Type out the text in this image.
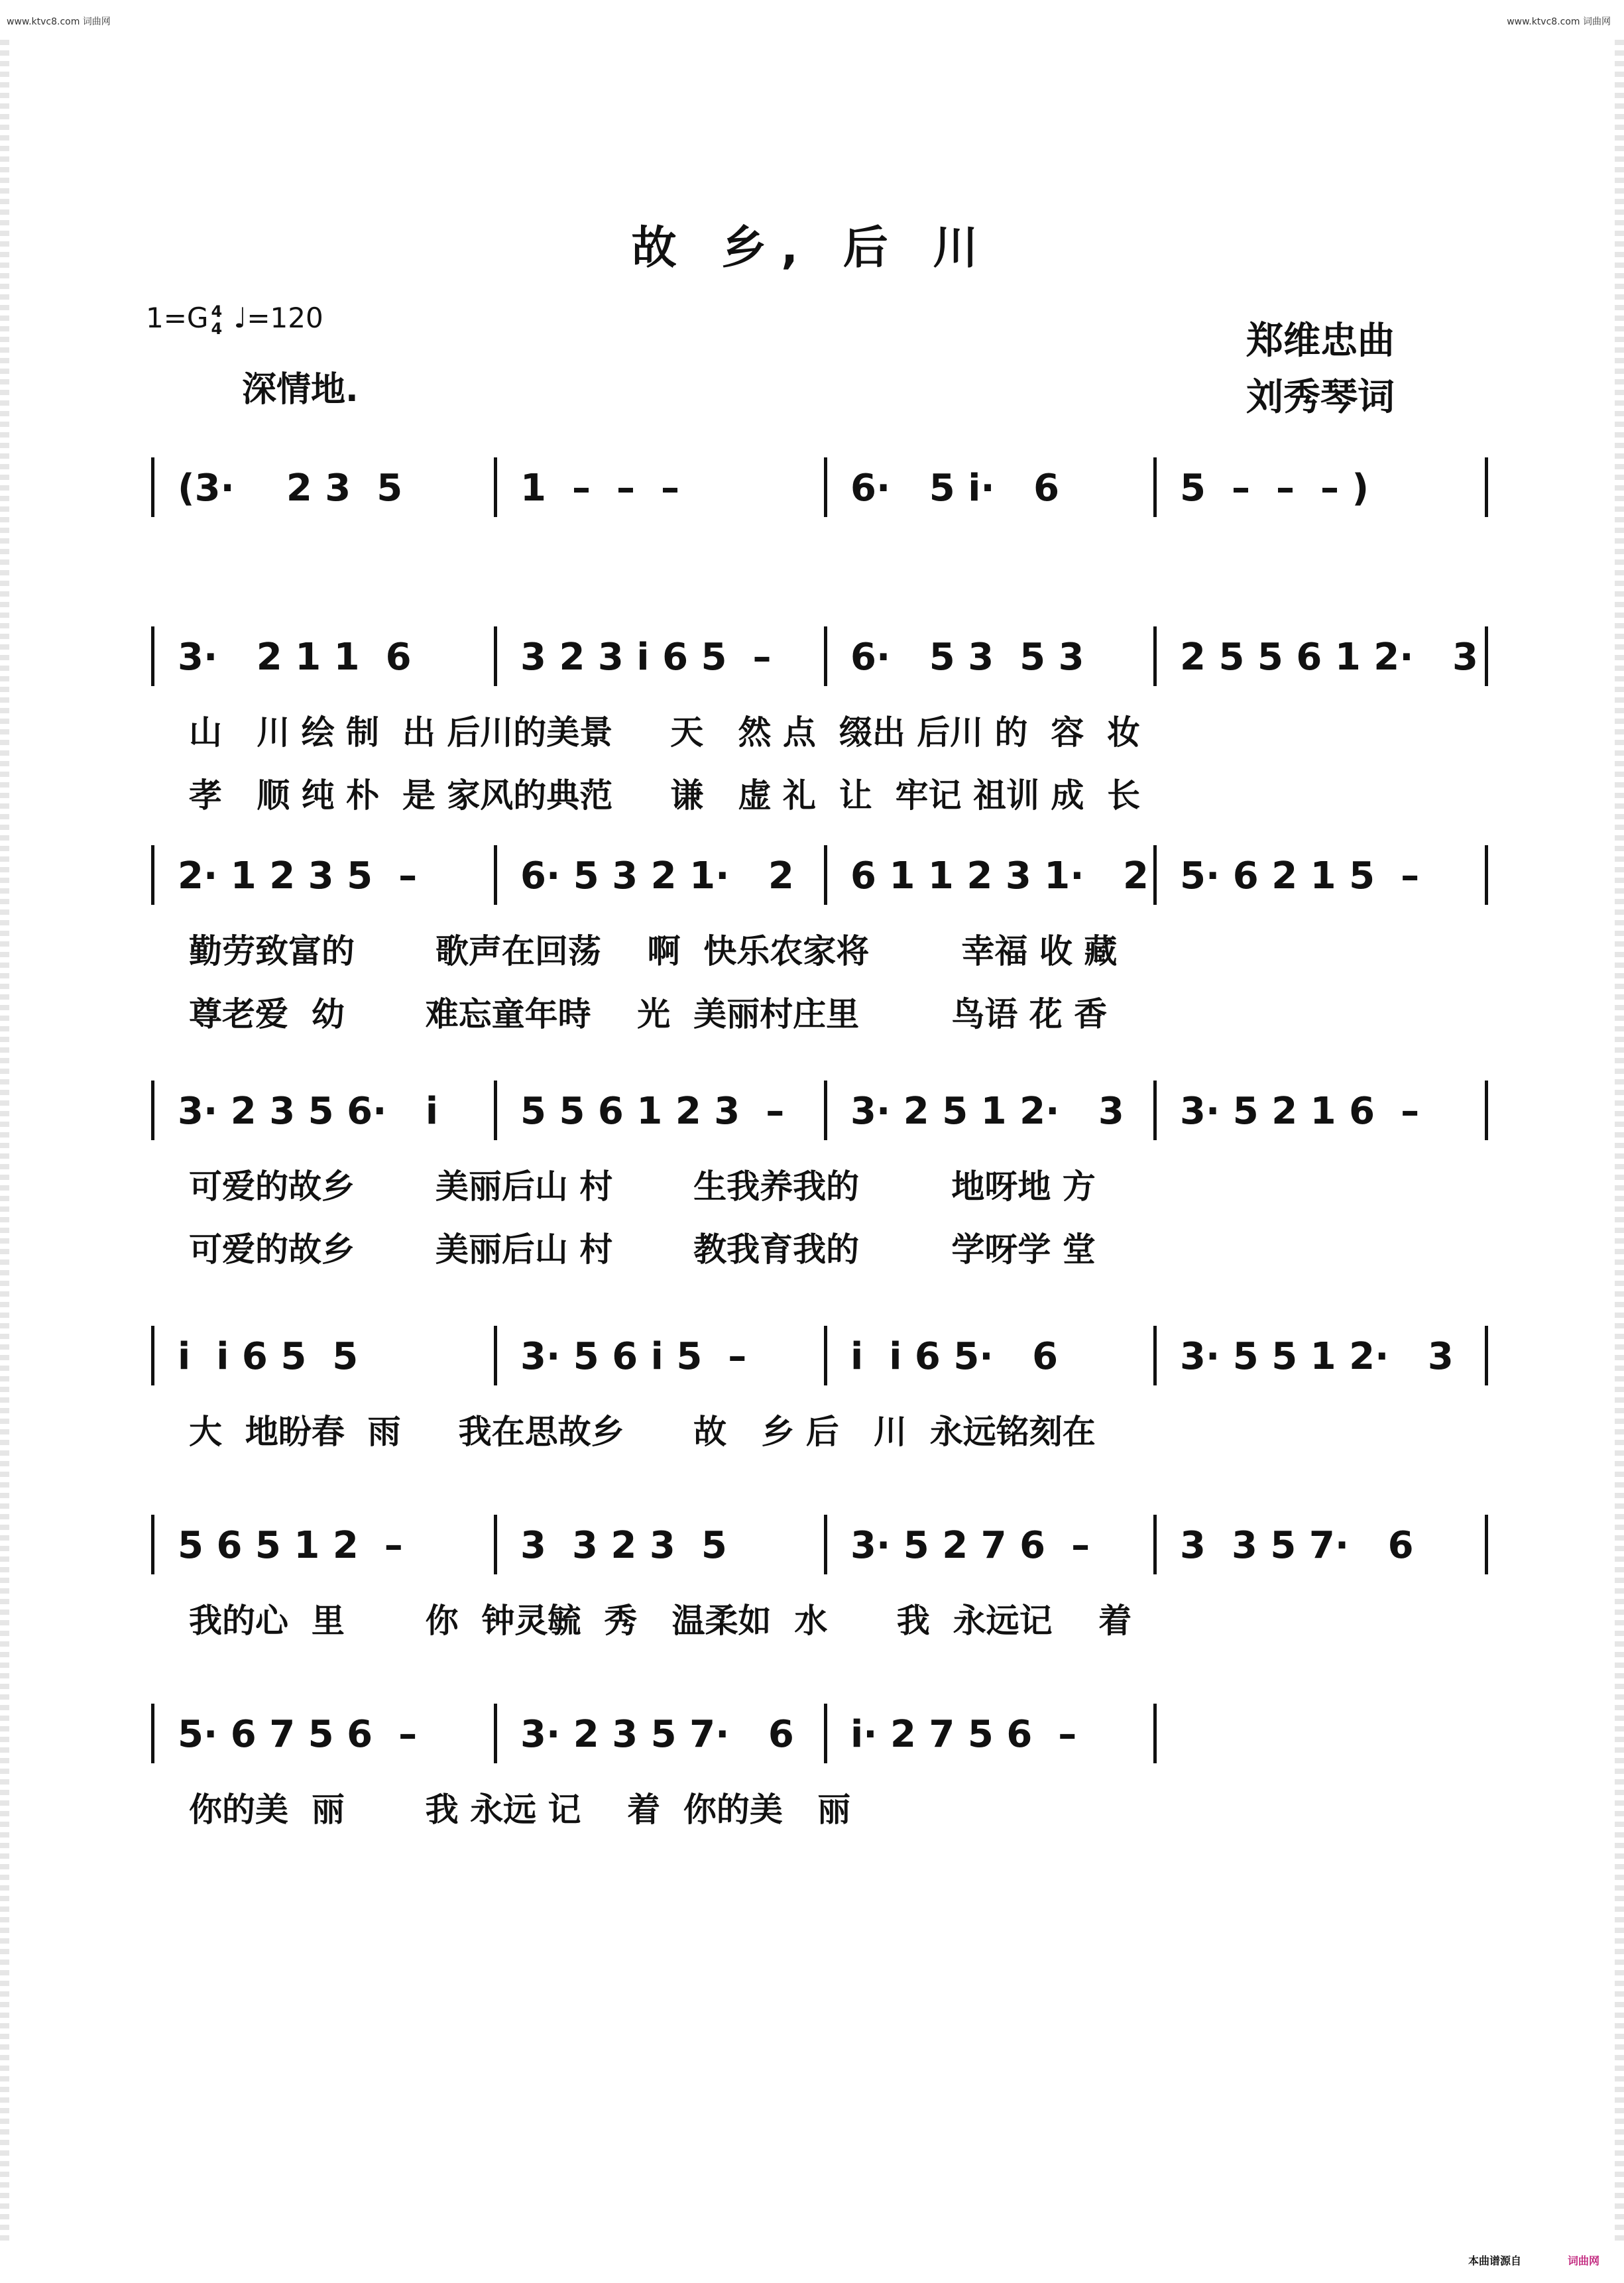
www.ktvc8.com 词曲网	www.ktvc8.com 词曲网
故 乡, 后 川
1=G 4
4 ♩=120
深情地.
郑维忠曲
刘秀琴词
(3·    2 3  5	1  –  –  –	6·   5 i·   6	5  –  –  – )
3·   2 1 1  6	3 2 3 i 6 5  –	6·   5 3  5 3	2 5 5 6 1 2·   3
山   川 绘 制  出 后川的美景     天   然 点  缀出 后川 的  容  妆
孝   顺 纯 朴  是 家风的典范     谦   虚 礼  让  牢记 祖训 成  长
2· 1 2 3 5  –	6· 5 3 2 1·   2	6 1 1 2 3 1·   2 5· 6 2 1 5  –
勤劳致富的       歌声在回荡    啊  快乐农家将        幸福 收 藏
尊老爱  幼       难忘童年時    光  美丽村庄里        鸟语 花 香
3· 2 3 5 6·   i	5 5 6 1 2 3  –	3· 2 5 1 2·   3	3· 5 2 1 6  –
可爱的故乡       美丽后山 村       生我养我的        地呀地 方
可爱的故乡       美丽后山 村       教我育我的        学呀学 堂
i  i 6 5  5	3· 5 6 i 5  –	i  i 6 5·   6	3· 5 5 1 2·   3
大  地盼春  雨     我在思故乡      故   乡 后   川  永远铭刻在
5 6 5 1 2  –	3  3 2 3  5	3· 5 2 7 6  –	3  3 5 7·   6
我的心  里       你  钟灵毓  秀   温柔如  水      我  永远记    着
5· 6 7 5 6  –	3· 2 3 5 7·   6	i· 2 7 5 6  –
你的美  丽       我 永远 记    着  你的美   丽
本曲谱源自	词曲网
